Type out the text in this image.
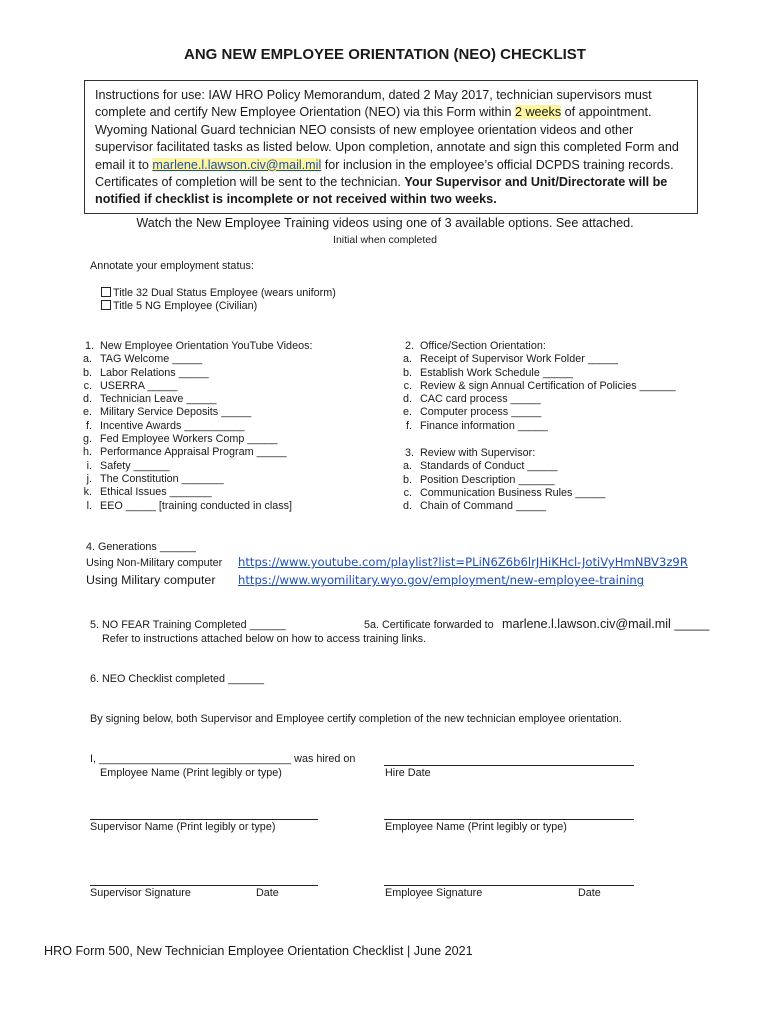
ANG NEW EMPLOYEE ORIENTATION (NEO) CHECKLIST
Instructions for use: IAW HRO Policy Memorandum, dated 2 May 2017, technician supervisors must complete and certify New Employee Orientation (NEO) via this Form within 2 weeks of appointment. Wyoming National Guard technician NEO consists of new employee orientation videos and other supervisor facilitated tasks as listed below. Upon completion, annotate and sign this completed Form and email it to marlene.l.lawson.civ@mail.mil for inclusion in the employee’s official DCPDS training records. Certificates of completion will be sent to the technician. Your Supervisor and Unit/Directorate will be notified if checklist is incomplete or not received within two weeks.
Watch the New Employee Training videos using one of 3 available options. See attached.
Initial when completed
Annotate your employment status:
Title 32 Dual Status Employee (wears uniform)
Title 5 NG Employee (Civilian)
1. New Employee Orientation YouTube Videos:
a. TAG Welcome _____
b. Labor Relations _____
c. USERRA _____
d. Technician Leave _____
e. Military Service Deposits _____
f. Incentive Awards __________
g. Fed Employee Workers Comp _____
h. Performance Appraisal Program _____
i. Safety ______
j. The Constitution _______
k. Ethical Issues _______
l. EEO _____ [training conducted in class]
2. Office/Section Orientation:
a. Receipt of Supervisor Work Folder _____
b. Establish Work Schedule _____
c. Review & sign Annual Certification of Policies ______
d. CAC card process _____
e. Computer process _____
f. Finance information _____
3. Review with Supervisor:
a. Standards of Conduct _____
b. Position Description ______
c. Communication Business Rules _____
d. Chain of Command _____
4. Generations ______
Using Non-Military computer https://www.youtube.com/playlist?list=PLiN6Z6b6lrJHiKHcl-JotiVyHmNBV3z9R
Using Military computer https://www.wyomilitary.wyo.gov/employment/new-employee-training
5. NO FEAR Training Completed ______	5a. Certificate forwarded to marlene.l.lawson.civ@mail.mil _____
Refer to instructions attached below on how to access training links.
6. NEO Checklist completed ______
By signing below, both Supervisor and Employee certify completion of the new technician employee orientation.
I, ________________________________ was hired on
Employee Name (Print legibly or type)	Hire Date
Supervisor Name (Print legibly or type)	Employee Name (Print legibly or type)
Supervisor Signature	Date	Employee Signature	Date
HRO Form 500, New Technician Employee Orientation Checklist | June 2021
